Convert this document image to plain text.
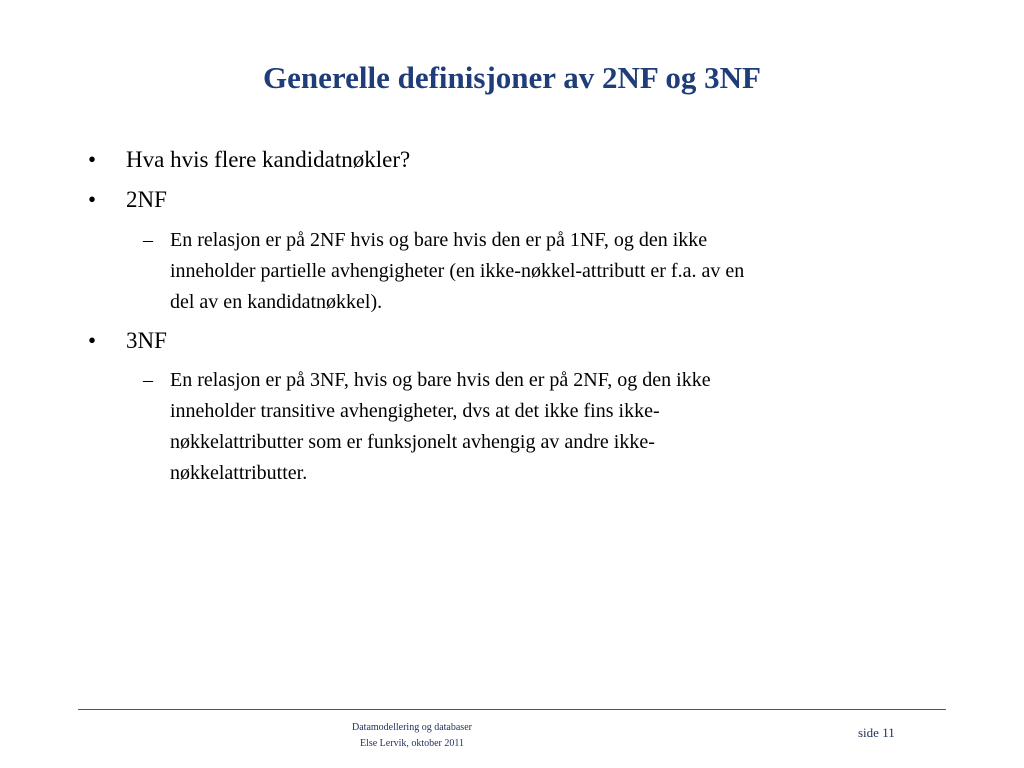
Generelle definisjoner av 2NF og 3NF
•	Hva hvis flere kandidatnøkler?
•	2NF
– En relasjon er på 2NF hvis og bare hvis den er på 1NF, og den ikke
inneholder partielle avhengigheter (en ikke-nøkkel-attributt er f.a. av en
del av en kandidatnøkkel).
•	3NF
– En relasjon er på 3NF, hvis og bare hvis den er på 2NF, og den ikke
inneholder transitive avhengigheter, dvs at det ikke fins ikke-
nøkkelattributter som er funksjonelt avhengig av andre ikke-
nøkkelattributter.
Datamodellering og databaser
Else Lervik, oktober 2011
side 11
